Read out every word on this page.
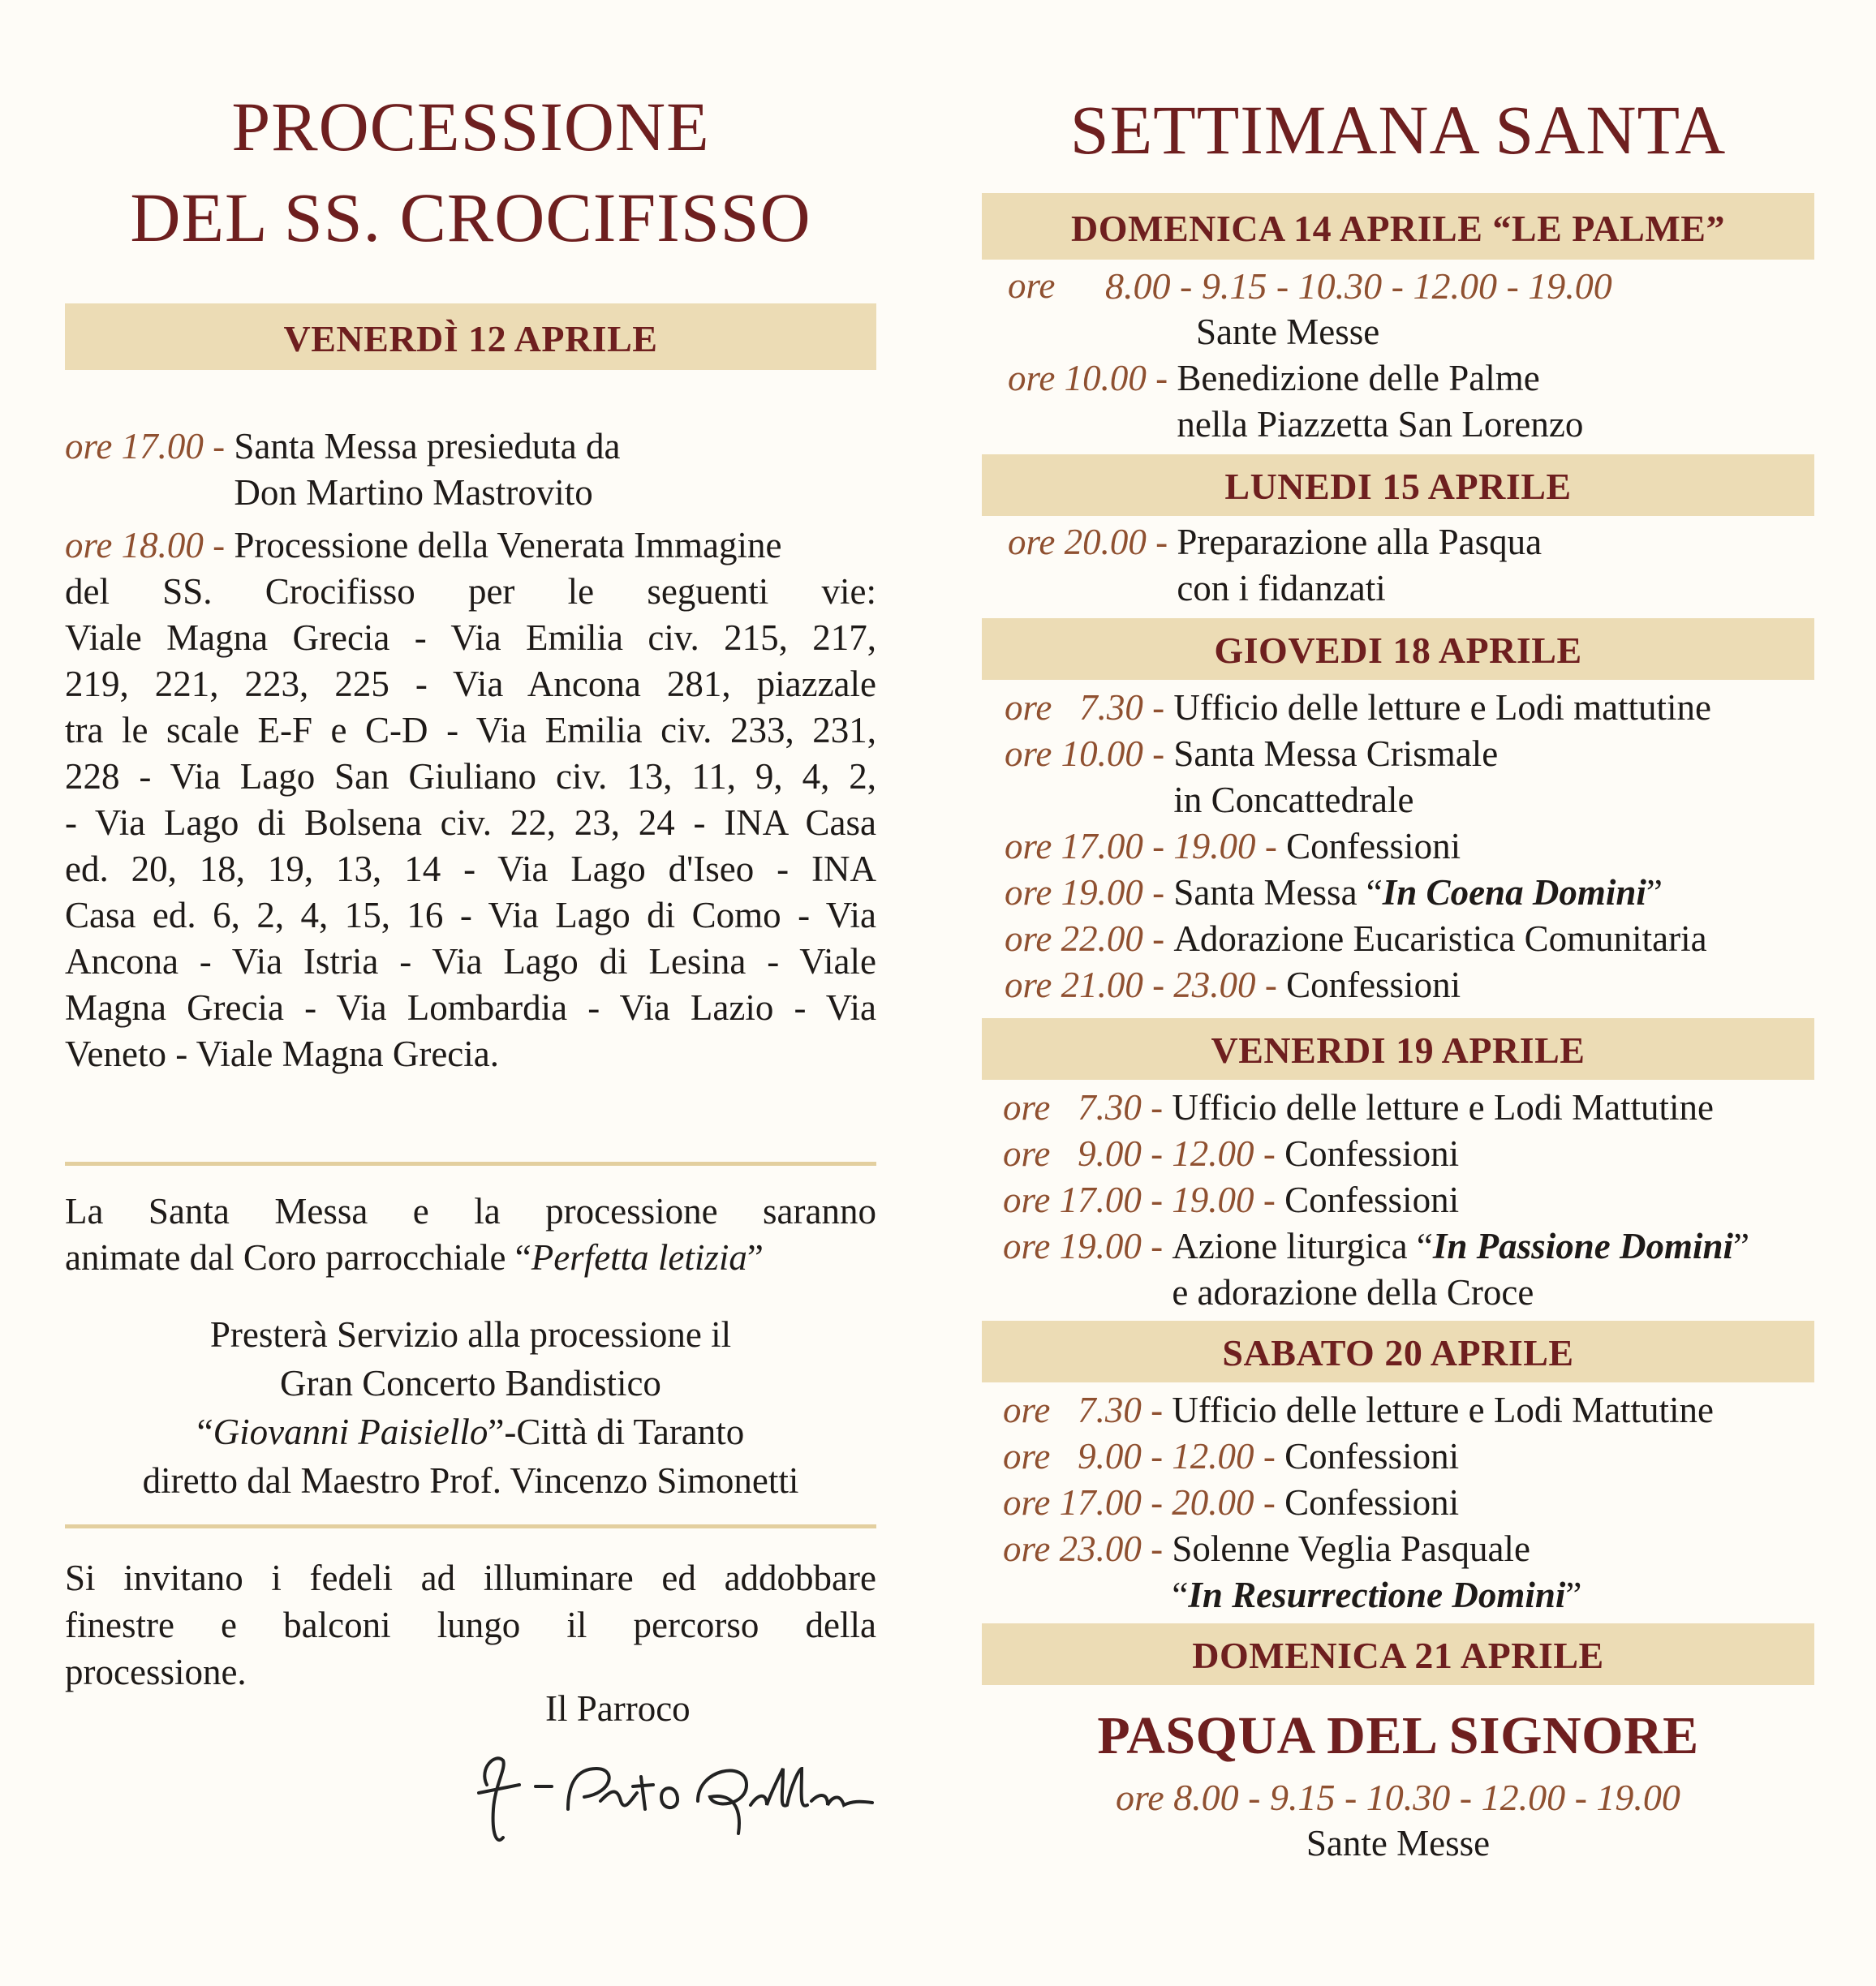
PROCESSIONE
DEL SS. CROCIFISSO
VENERDÌ 12 APRILE
ore 17.00 - Santa Messa presieduta da
Don Martino Mastrovito
ore 18.00 - Processione della Venerata Immagine
del SS. Crocifisso per le seguenti vie:
Viale Magna Grecia - Via Emilia civ. 215, 217,
219, 221, 223, 225 - Via Ancona 281, piazzale
tra le scale E-F e C-D - Via Emilia civ. 233, 231,
228 - Via Lago San Giuliano civ. 13, 11, 9, 4, 2,
- Via Lago di Bolsena civ. 22, 23, 24 - INA Casa
ed. 20, 18, 19, 13, 14 - Via Lago d'Iseo - INA
Casa ed. 6, 2, 4, 15, 16 - Via Lago di Como - Via
Ancona - Via Istria - Via Lago di Lesina - Viale
Magna Grecia - Via Lombardia - Via Lazio - Via
Veneto - Viale Magna Grecia.
La Santa Messa e la processione saranno
animate dal Coro parrocchiale “Perfetta letizia”
Presterà Servizio alla processione il
Gran Concerto Bandistico
“Giovanni Paisiello”-Città di Taranto
diretto dal Maestro Prof. Vincenzo Simonetti
Si invitano i fedeli ad illuminare ed addobbare
finestre e balconi lungo il percorso della
processione.
Il Parroco
SETTIMANA SANTA
DOMENICA 14 APRILE “LE PALME”
ore	8.00 - 9.15 - 10.30 - 12.00 - 19.00
Sante Messe
ore 10.00 - Benedizione delle Palme
nella Piazzetta San Lorenzo
LUNEDI 15 APRILE
ore 20.00 - Preparazione alla Pasqua
con i fidanzati
GIOVEDI 18 APRILE
ore   7.30 - Ufficio delle letture e Lodi mattutine
ore 10.00 - Santa Messa Crismale
in Concattedrale
ore 17.00 - 19.00 - Confessioni
ore 19.00 - Santa Messa “In Coena Domini”
ore 22.00 - Adorazione Eucaristica Comunitaria
ore 21.00 - 23.00 - Confessioni
VENERDI 19 APRILE
ore   7.30 - Ufficio delle letture e Lodi Mattutine
ore   9.00 - 12.00 - Confessioni
ore 17.00 - 19.00 - Confessioni
ore 19.00 - Azione liturgica “In Passione Domini”
e adorazione della Croce
SABATO 20 APRILE
ore   7.30 - Ufficio delle letture e Lodi Mattutine
ore   9.00 - 12.00 - Confessioni
ore 17.00 - 20.00 - Confessioni
ore 23.00 - Solenne Veglia Pasquale
“In Resurrectione Domini”
DOMENICA 21 APRILE
PASQUA DEL SIGNORE
ore 8.00 - 9.15 - 10.30 - 12.00 - 19.00
Sante Messe
